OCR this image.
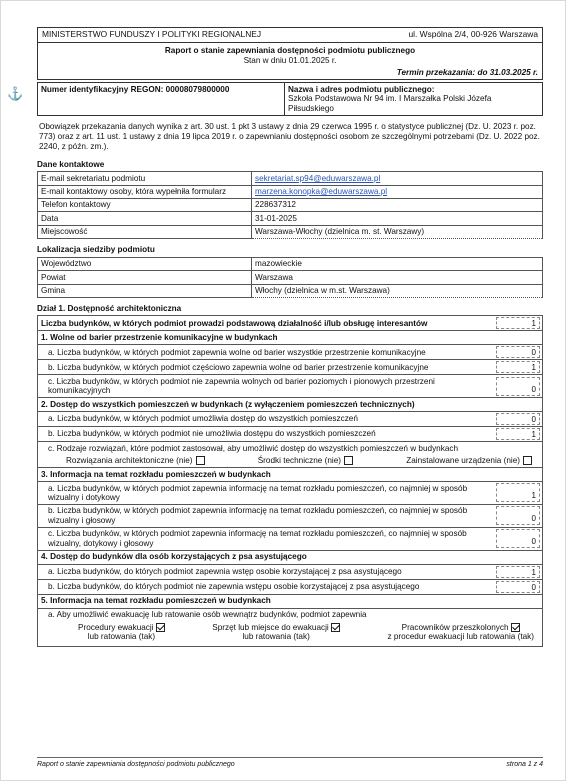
⚓
MINISTERSTWO FUNDUSZY I POLITYKI REGIONALNEJ	ul. Wspólna 2/4, 00-926 Warszawa
Raport o stanie zapewniania dostępności podmiotu publicznego
Stan w dniu 01.01.2025 r.
Termin przekazania: do 31.03.2025 r.
Numer identyfikacyjny REGON: 00008079800000	Nazwa i adres podmiotu publicznego:
Szkoła Podstawowa Nr 94 im. I Marszałka Polski Józefa Piłsudskiego

Obowiązek przekazania danych wynika z art. 30 ust. 1 pkt 3 ustawy z dnia 29 czerwca 1995 r. o statystyce publicznej (Dz. U. 2023 r. poz. 773) oraz z art. 11 ust. 1 ustawy z dnia 19 lipca 2019 r. o zapewnianiu dostępności osobom ze szczególnymi potrzebami (Dz. U. 2022 poz. 2240, z późn. zm.).

Dane kontaktowe
E-mail sekretariatu podmiotu	sekretariat.sp94@eduwarszawa.pl
E-mail kontaktowy osoby, która wypełniła formularz	marzena.konopka@eduwarszawa.pl
Telefon kontaktowy	228637312
Data	31-01-2025
Miejscowość	Warszawa-Włochy (dzielnica m. st. Warszawy)
Lokalizacja siedziby podmiotu
Województwo	mazowieckie
Powiat	Warszawa
Gmina	Włochy (dzielnica w m.st. Warszawa)
Dział 1. Dostępność architektoniczna
Liczba budynków, w których podmiot prowadzi podstawową działalność i/lub obsługę interesantów	1
1. Wolne od barier przestrzenie komunikacyjne w budynkach
a. Liczba budynków, w których podmiot zapewnia wolne od barier wszystkie przestrzenie komunikacyjne	0
b. Liczba budynków, w których podmiot częściowo zapewnia wolne od barier przestrzenie komunikacyjne	1
c. Liczba budynków, w których podmiot nie zapewnia wolnych od barier poziomych i pionowych przestrzeni komunikacyjnych	0
2. Dostęp do wszystkich pomieszczeń w budynkach (z wyłączeniem pomieszczeń technicznych)
a. Liczba budynków, w których podmiot umożliwia dostęp do wszystkich pomieszczeń	0
b. Liczba budynków, w których podmiot nie umożliwia dostępu do wszystkich pomieszczeń	1
c. Rodzaje rozwiązań, które podmiot zastosował, aby umożliwić dostęp do wszystkich pomieszczeń w budynkach
Rozwiązania architektoniczne (nie)	Środki techniczne (nie)	Zainstalowane urządzenia (nie)
3. Informacja na temat rozkładu pomieszczeń w budynkach
a. Liczba budynków, w których podmiot zapewnia informację na temat rozkładu pomieszczeń, co najmniej w sposób wizualny i dotykowy	1
b. Liczba budynków, w których podmiot zapewnia informację na temat rozkładu pomieszczeń, co najmniej w sposób wizualny i głosowy	0
c. Liczba budynków, w których podmiot zapewnia informację na temat rozkładu pomieszczeń, co najmniej w sposób wizualny, dotykowy i głosowy	0
4. Dostęp do budynków dla osób korzystających z psa asystującego
a. Liczba budynków, do których podmiot zapewnia wstęp osobie korzystającej z psa asystującego	1
b. Liczba budynków, do których podmiot nie zapewnia wstępu osobie korzystającej z psa asystującego	0
5. Informacja na temat rozkładu pomieszczeń w budynkach
a. Aby umożliwić ewakuację lub ratowanie osób wewnątrz budynków, podmiot zapewnia
Procedury ewakuacji
lub ratowania (tak)
Sprzęt lub miejsce do ewakuacji
lub ratowania (tak)
Pracowników przeszkolonych
z procedur ewakuacji lub ratowania (tak)
Raport o stanie zapewniania dostępności podmiotu publicznego	strona 1 z 4
